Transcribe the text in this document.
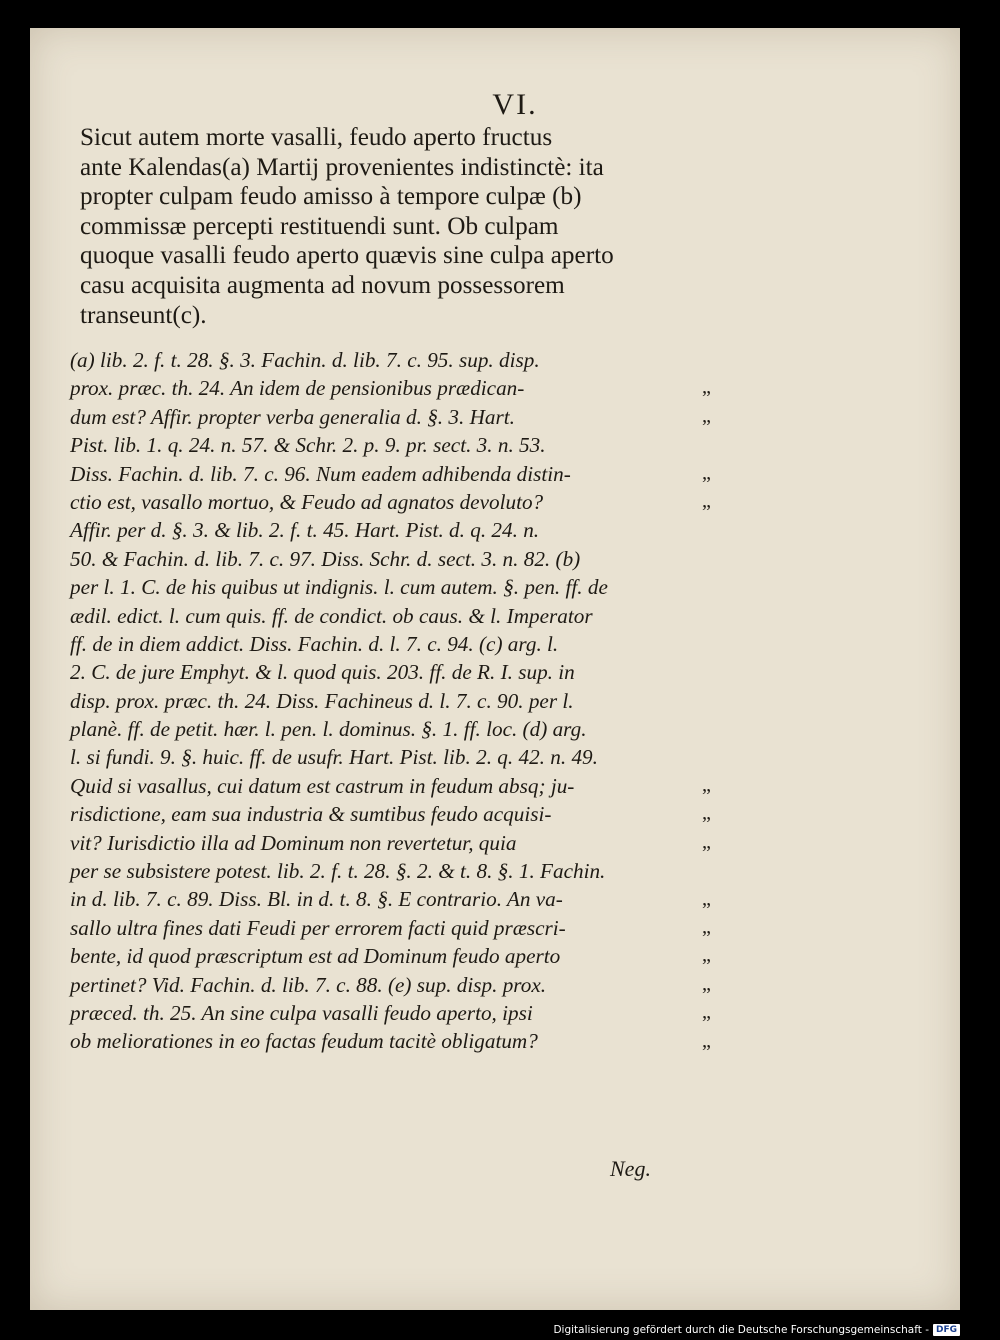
VI.
Sicut autem morte vasalli, feudo aperto fructus
ante Kalendas(a) Martij provenientes indistinctè: ita
propter culpam feudo amisso à tempore culpæ (b)
commissæ percepti restituendi sunt. Ob culpam
quoque vasalli feudo aperto quævis sine culpa aperto
casu acquisita augmenta ad novum possessorem
transeunt(c).
(a) lib. 2. f. t. 28. §. 3. Fachin. d. lib. 7. c. 95. sup. disp.
prox. præc. th. 24. An idem de pensionibus prædican-
dum est? Affir. propter verba generalia d. §. 3. Hart.
Pist. lib. 1. q. 24. n. 57. & Schr. 2. p. 9. pr. sect. 3. n. 53.
Diss. Fachin. d. lib. 7. c. 96. Num eadem adhibenda distin-
ctio est, vasallo mortuo, & Feudo ad agnatos devoluto?
Affir. per d. §. 3. & lib. 2. f. t. 45. Hart. Pist. d. q. 24. n.
50. & Fachin. d. lib. 7. c. 97. Diss. Schr. d. sect. 3. n. 82. (b)
per l. 1. C. de his quibus ut indignis. l. cum autem. §. pen. ff. de
ædil. edict. l. cum quis. ff. de condict. ob caus. & l. Imperator
ff. de in diem addict. Diss. Fachin. d. l. 7. c. 94. (c) arg. l.
2. C. de jure Emphyt. & l. quod quis. 203. ff. de R. I. sup. in
disp. prox. præc. th. 24. Diss. Fachineus d. l. 7. c. 90. per l.
planè. ff. de petit. hær. l. pen. l. dominus. §. 1. ff. loc. (d) arg.
l. si fundi. 9. §. huic. ff. de usufr. Hart. Pist. lib. 2. q. 42. n. 49.
Quid si vasallus, cui datum est castrum in feudum absq; ju-
risdictione, eam sua industria & sumtibus feudo acquisi-
vit? Iurisdictio illa ad Dominum non revertetur, quia
per se subsistere potest. lib. 2. f. t. 28. §. 2. & t. 8. §. 1. Fachin.
in d. lib. 7. c. 89. Diss. Bl. in d. t. 8. §. E contrario. An va-
sallo ultra fines dati Feudi per errorem facti quid præscri-
bente, id quod præscriptum est ad Dominum feudo aperto
pertinet? Vid. Fachin. d. lib. 7. c. 88. (e) sup. disp. prox.
præced. th. 25. An sine culpa vasalli feudo aperto, ipsi
ob meliorationes in eo factas feudum tacitè obligatum?
„
„
„
„
„
„
„
„
„
„
„
„
„
Neg.
Digitalisierung gefördert durch die Deutsche Forschungsgemeinschaft - DFG
